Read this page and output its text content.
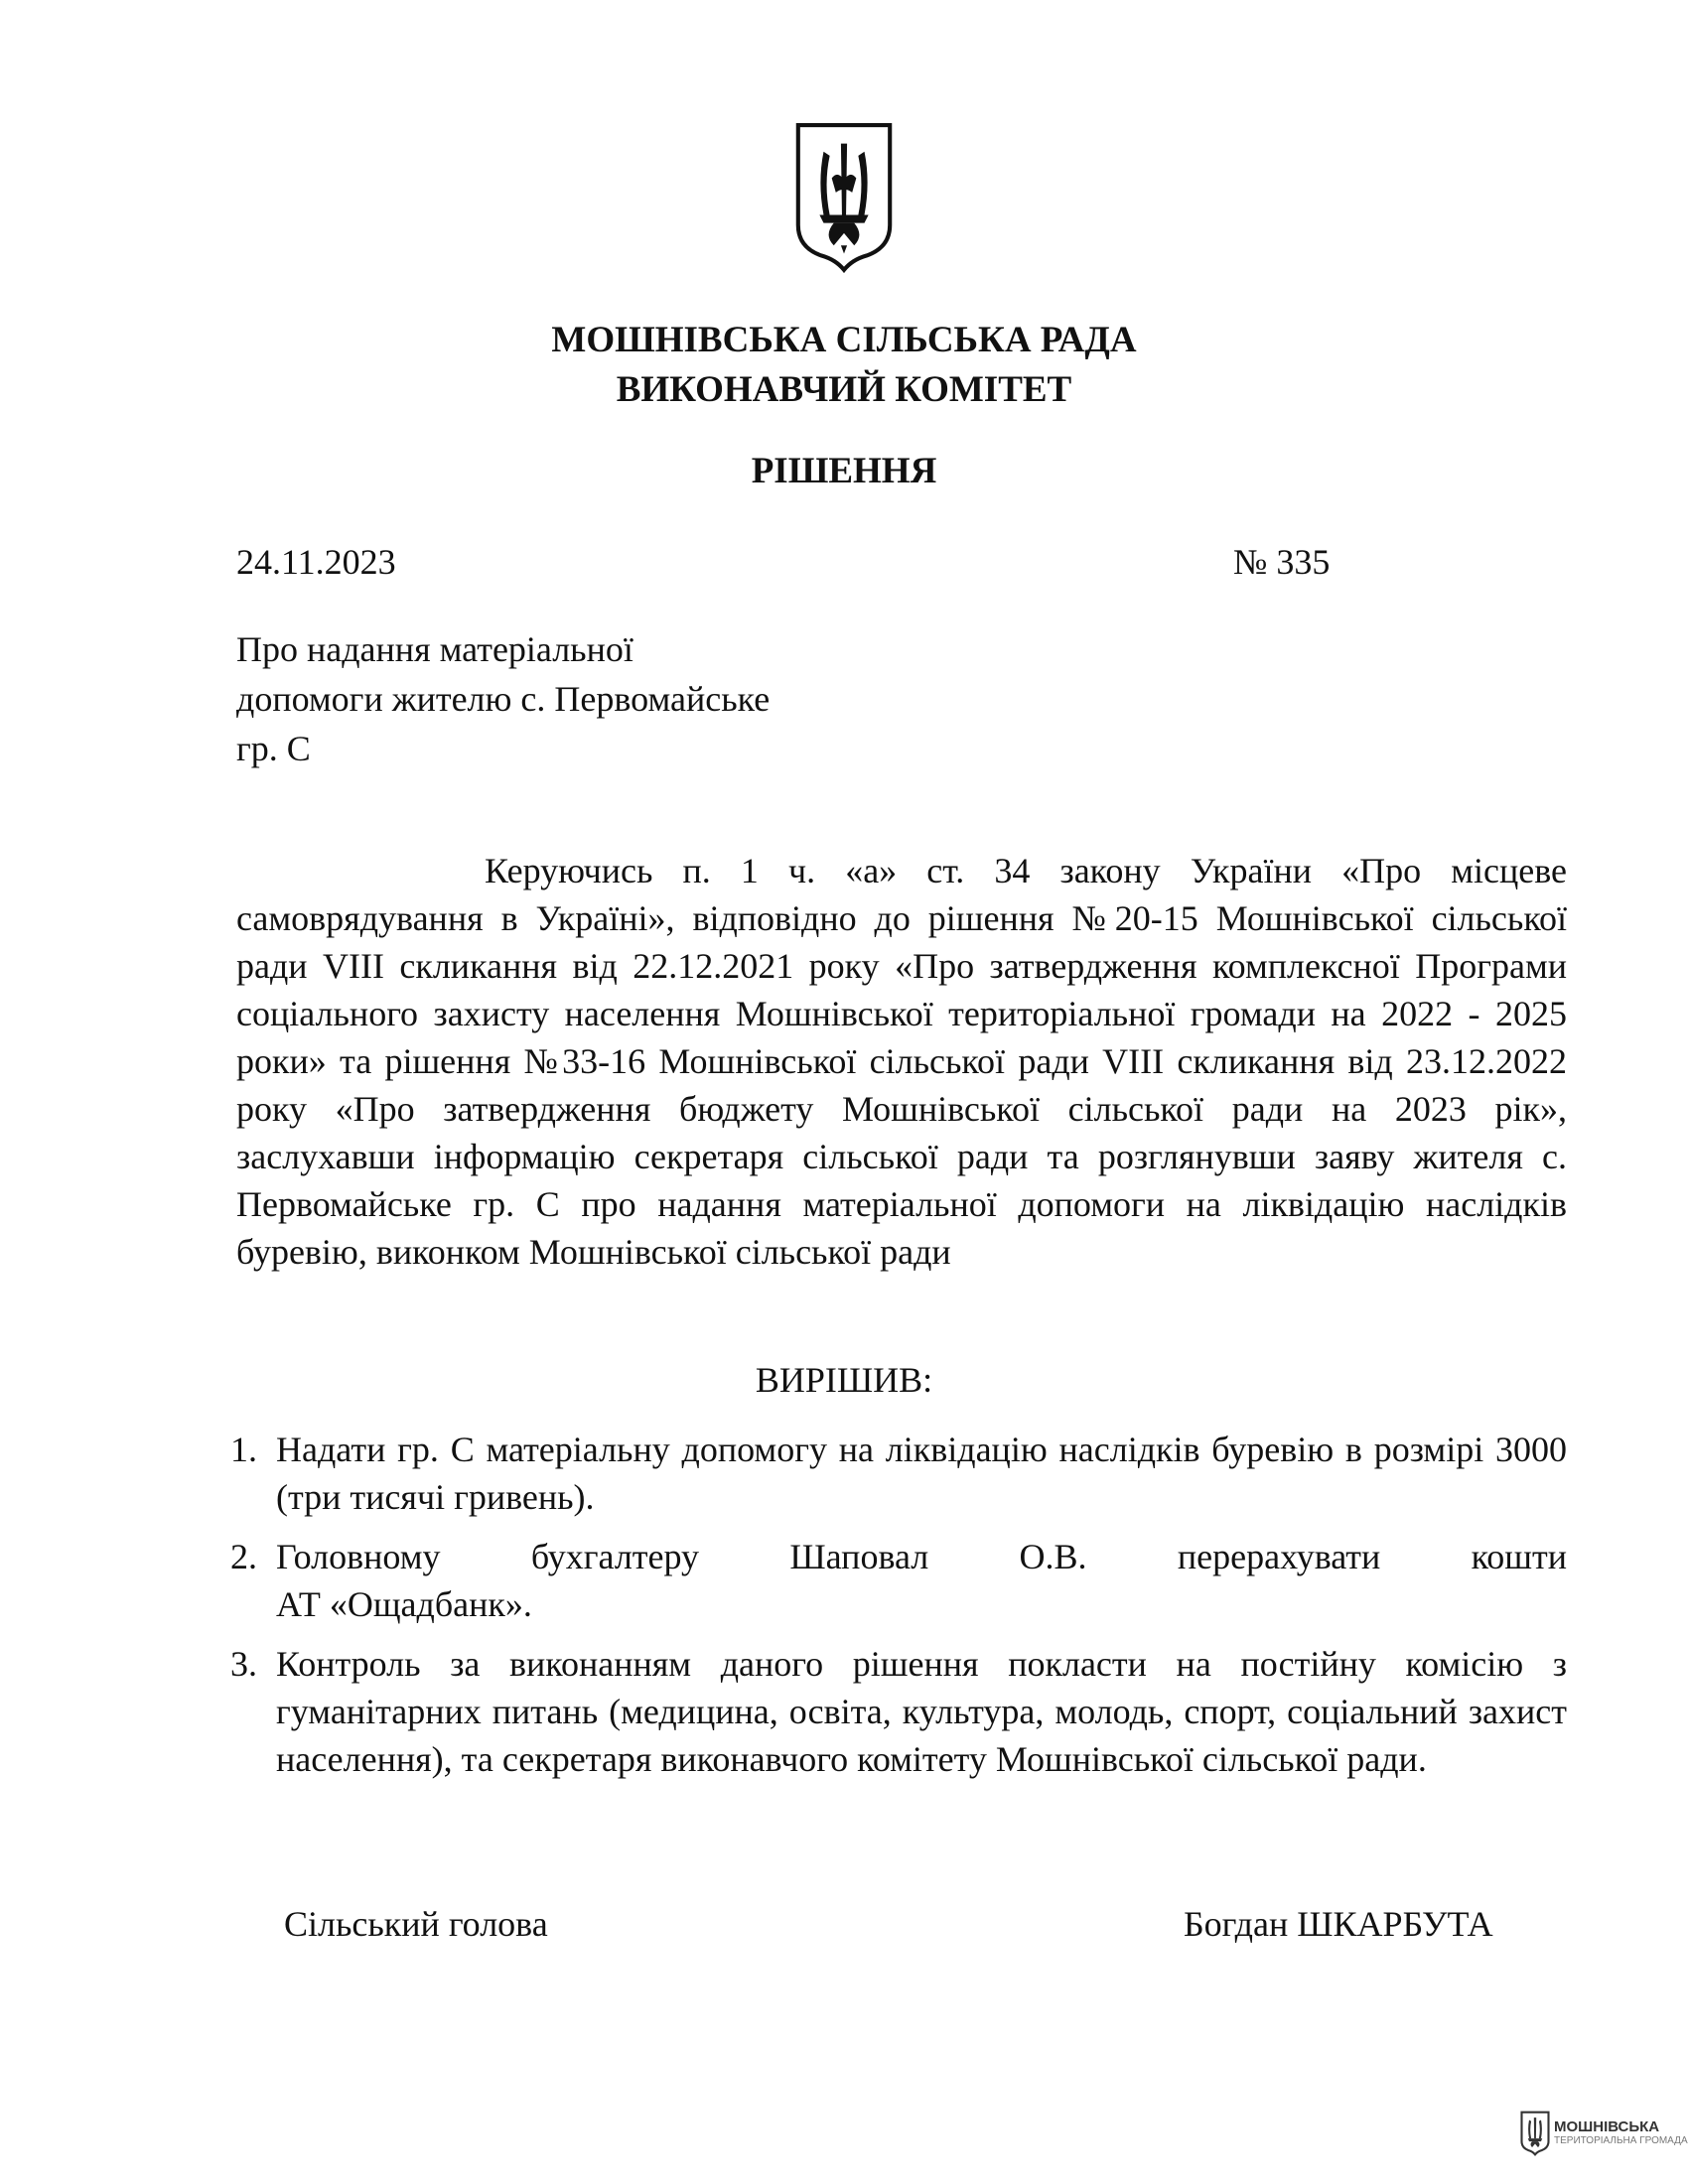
МОШНІВСЬКА СІЛЬСЬКА РАДА
ВИКОНАВЧИЙ КОМІТЕТ
РІШЕННЯ
24.11.2023	№ 335
Про надання матеріальної
допомоги жителю с. Первомайське
гр. С
Керуючись п. 1 ч. «а» ст. 34 закону України «Про місцеве самоврядування в Україні», відповідно до рішення №20-15 Мошнівської сільської ради VIII скликання від 22.12.2021 року «Про затвердження комплексної Програми соціального захисту населення Мошнівської територіальної громади на 2022 - 2025 роки» та рішення №33-16 Мошнівської сільської ради VIII скликання від 23.12.2022 року «Про затвердження бюджету Мошнівської сільської ради на 2023 рік», заслухавши інформацію секретаря сільської ради та розглянувши заяву жителя с. Первомайське гр. С про надання матеріальної допомоги на ліквідацію наслідків буревію, виконком Мошнівської сільської ради
ВИРІШИВ:
1. Надати гр. С матеріальну допомогу на ліквідацію наслідків буревію в розмірі 3000 (три тисячі гривень).
2. Головному бухгалтеру Шаповал О.В. перерахувати кошти
АТ «Ощадбанк».
3. Контроль за виконанням даного рішення покласти на постійну комісію з гуманітарних питань (медицина, освіта, культура, молодь, спорт, соціальний захист населення), та секретаря виконавчого комітету Мошнівської сільської ради.
Сільський голова	Богдан ШКАРБУТА
МОШНІВСЬКА
ТЕРИТОРІАЛЬНА ГРОМАДА
